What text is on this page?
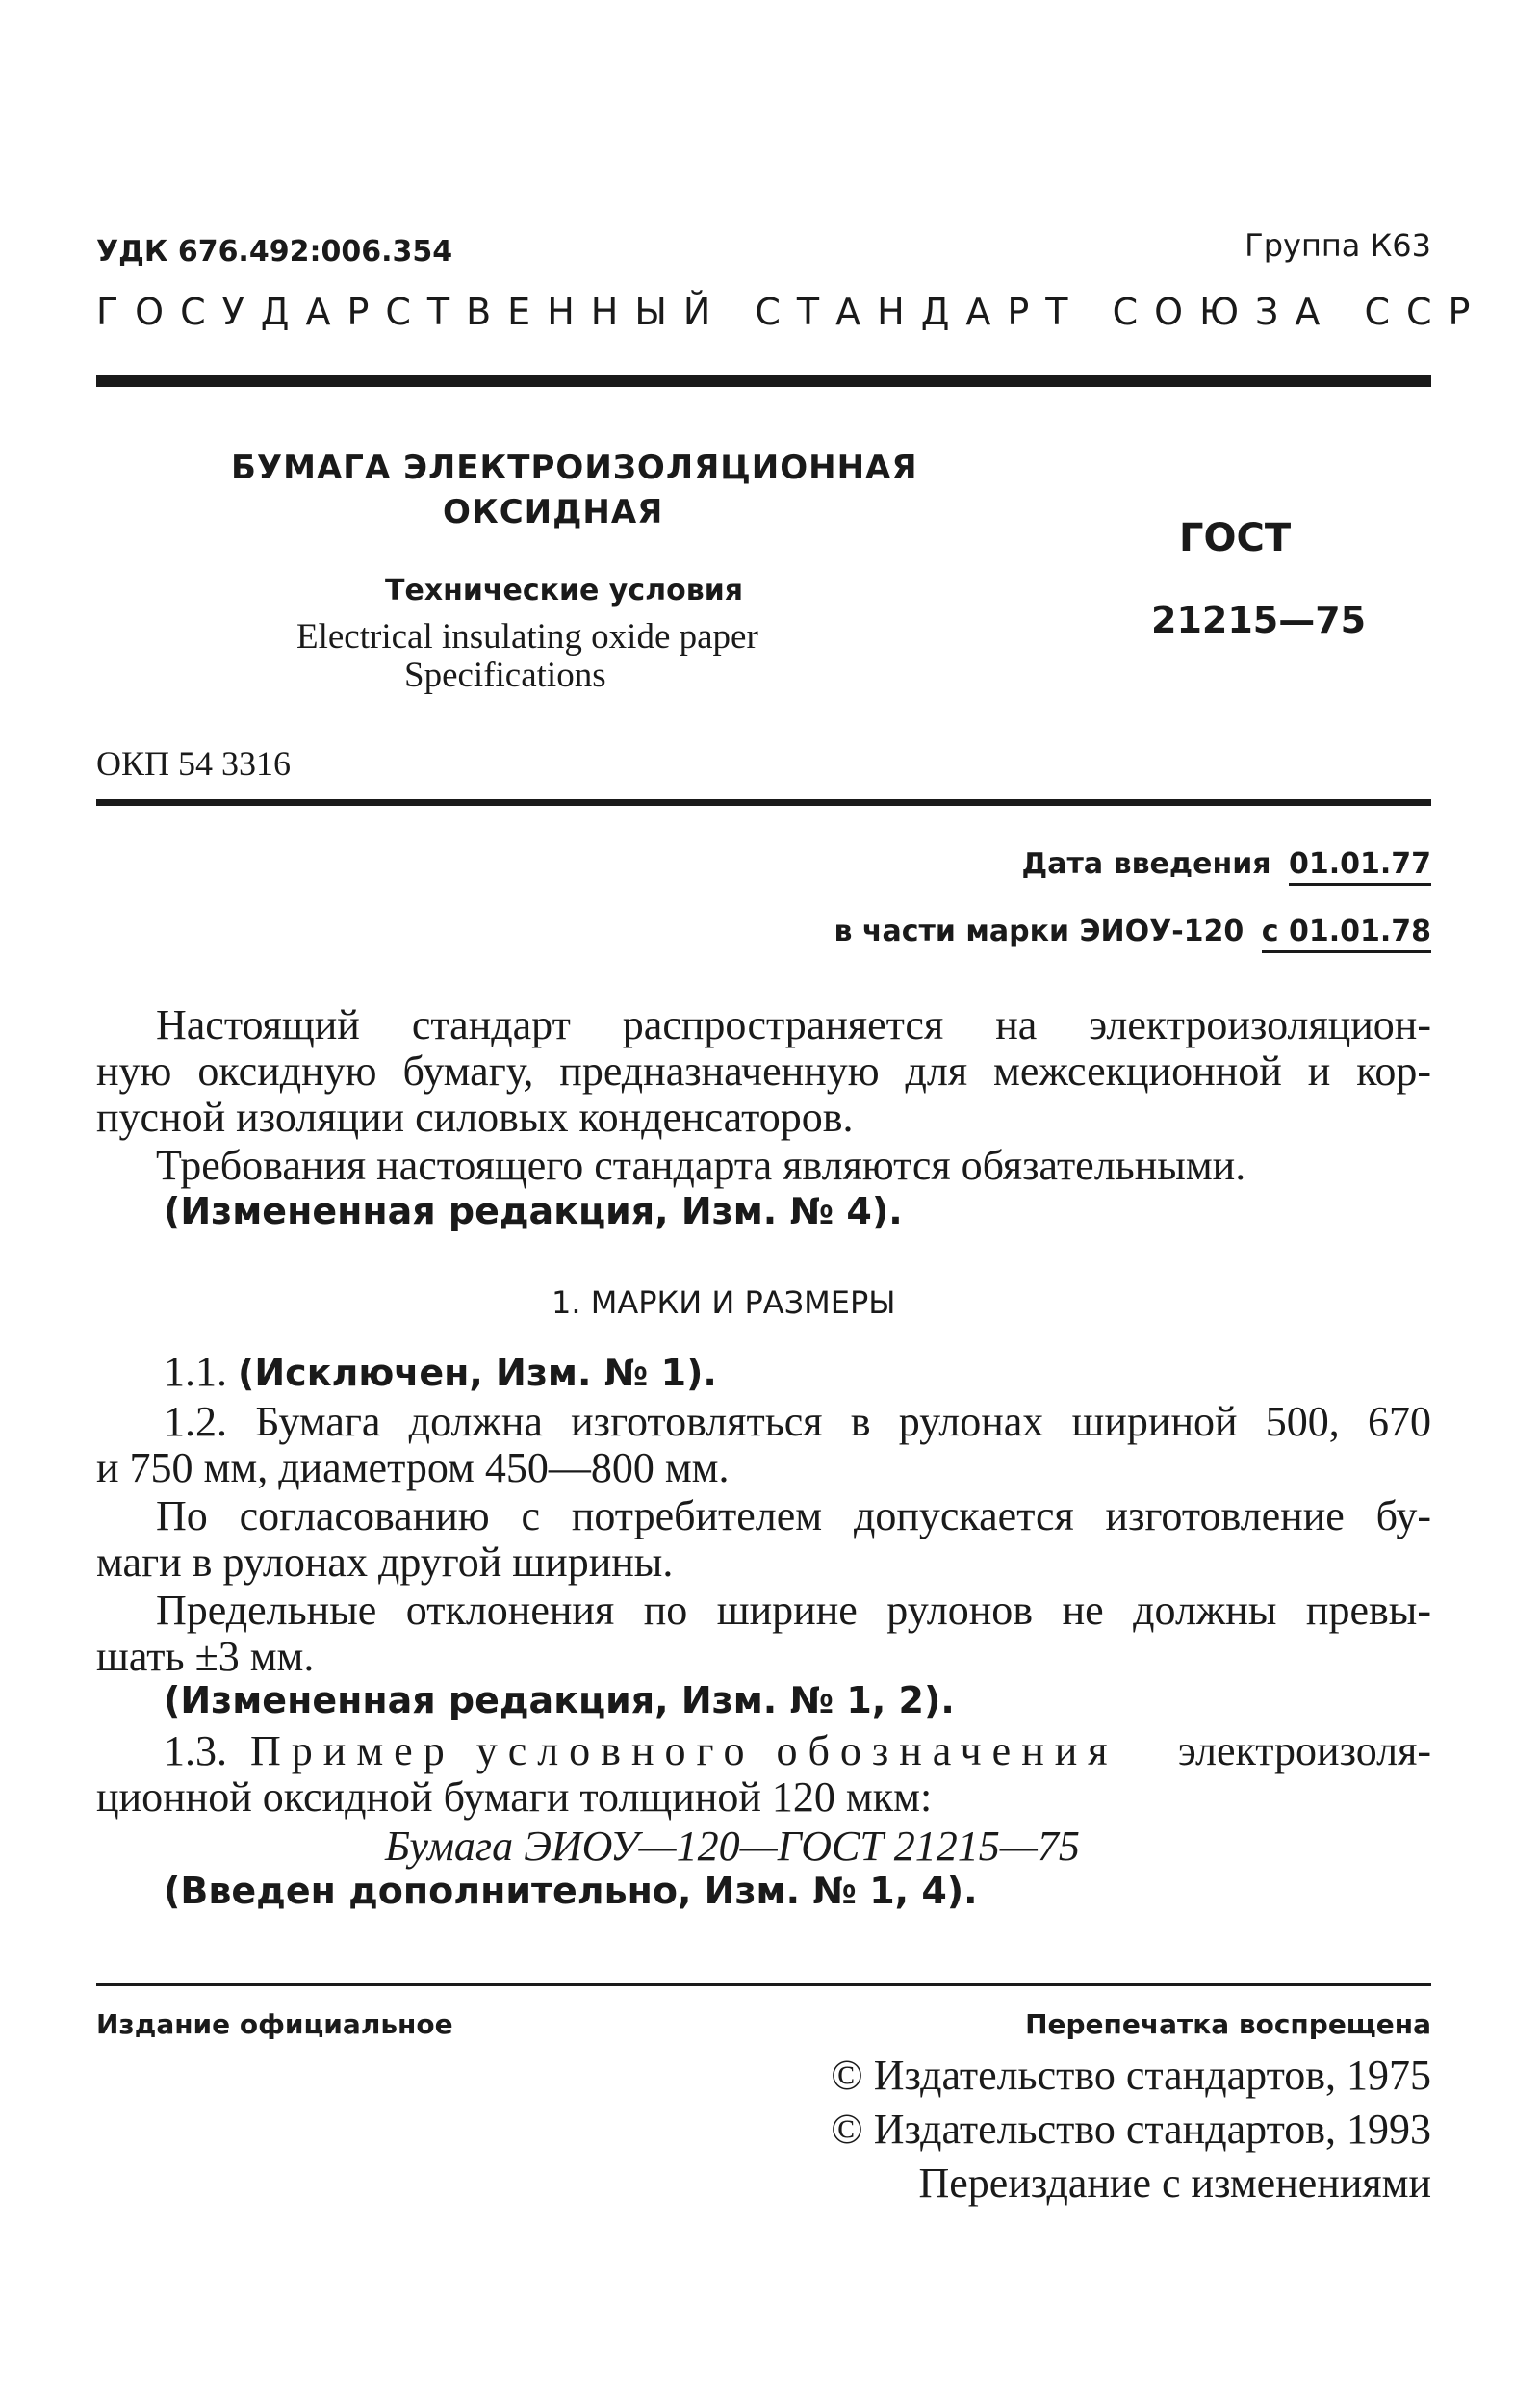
УДК 676.492:006.354	Группа К63
ГОСУДАРСТВЕННЫЙ СТАНДАРТ СОЮЗА ССР
БУМАГА ЭЛЕКТРОИЗОЛЯЦИОННАЯ
ОКСИДНАЯ
Технические условия
Electrical insulating oxide paper
Specifications
ГОСТ
21215—75
ОКП 54 3316
Дата введения 01.01.77
в части марки ЭИОУ-120 с 01.01.78
Настоящий стандарт распространяется на электроизоляцион-
ную оксидную бумагу, предназначенную для межсекционной и кор-
пусной изоляции силовых конденсаторов.
Требования настоящего стандарта являются обязательными.
(Измененная редакция, Изм. № 4).
1. МАРКИ И РАЗМЕРЫ
1.1. (Исключен, Изм. № 1).
1.2. Бумага должна изготовляться в рулонах шириной 500, 670
и 750 мм, диаметром 450—800 мм.
По согласованию с потребителем допускается изготовление бу-
маги в рулонах другой ширины.
Предельные отклонения по ширине рулонов не должны превы-
шать ±3 мм.
(Измененная редакция, Изм. № 1, 2).
1.3. Пример условного обозначения	электроизоля-
ционной оксидной бумаги толщиной 120 мкм:
Бумага ЭИОУ—120—ГОСТ 21215—75
(Введен дополнительно, Изм. № 1, 4).
Издание официальное	Перепечатка воспрещена
© Издательство стандартов, 1975
© Издательство стандартов, 1993
Переиздание с изменениями
